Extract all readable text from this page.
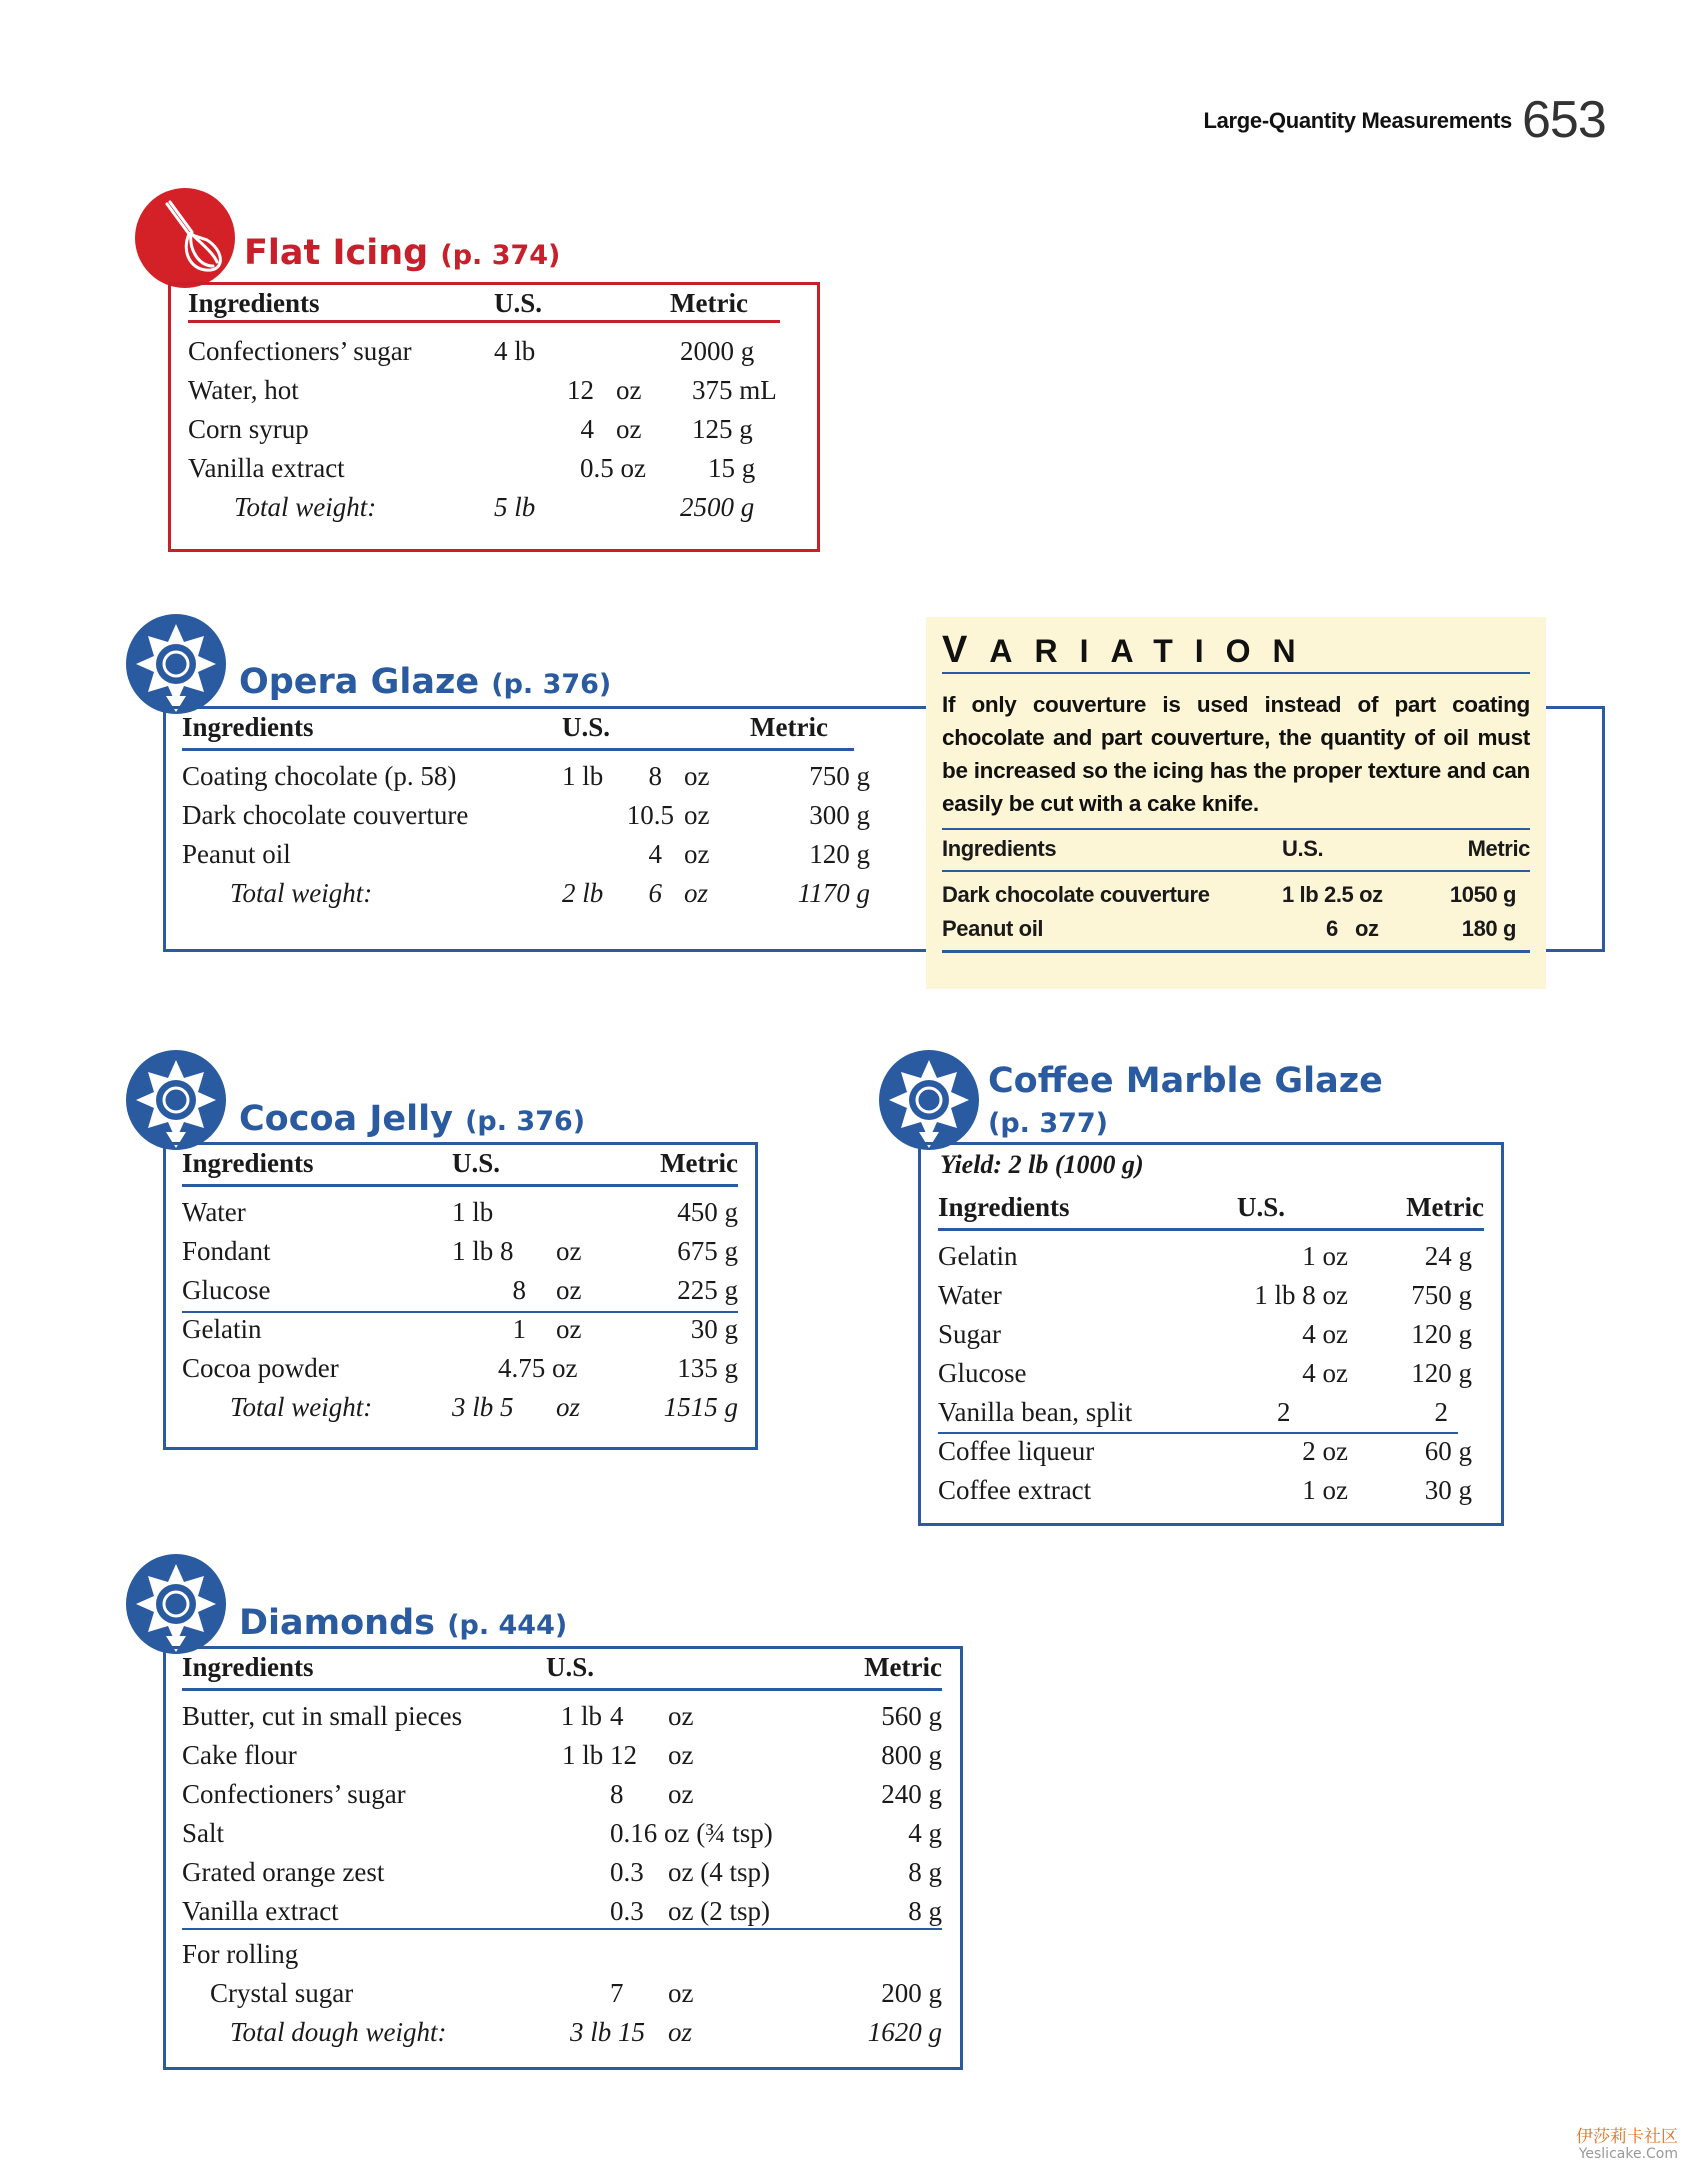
Large-Quantity Measurements 653
Flat Icing (p. 374)
Ingredients	U.S.			Metric
Confectioners’ sugar	4 lb			2000 g
Water, hot		12	oz	375 mL
Corn syrup		4	oz	125 g
Vanilla extract		0.5 oz		15 g
Total weight:	5 lb			2500 g
Opera Glaze (p. 376)
Ingredients	U.S.			Metric
Coating chocolate (p. 58)	1 lb	8	oz	750 g
Dark chocolate couverture		10.5	oz	300 g
Peanut oil		4	oz	120 g
Total weight:	2 lb	6	oz	1170 g
VARIATION
If only couverture is used instead of part coating chocolate and part couverture, the quantity of oil must be increased so the icing has the proper texture and can easily be cut with a cake knife.
Ingredients	U.S.	Metric
Dark chocolate couverture	1 lb 2.5 oz	1050 g
Peanut oil	6   oz	180 g
Cocoa Jelly (p. 376)
Ingredients	U.S.		Metric
Water	1 lb		450 g
Fondant	1 lb 8	oz	675 g
Glucose	8	oz	225 g
Gelatin	1	oz	30 g
Cocoa powder	4.75 oz		135 g
Total weight:	3 lb 5	oz	1515 g
Coffee Marble Glaze
(p. 377)
Yield: 2 lb (1000 g)
Ingredients	U.S.	Metric
Gelatin	1 oz	24 g
Water	1 lb 8 oz	750 g
Sugar	4 oz	120 g
Glucose	4 oz	120 g
Vanilla bean, split	2	2
Coffee liqueur	2 oz	60 g
Coffee extract	1 oz	30 g
Diamonds (p. 444)
Ingredients	U.S.			Metric
Butter, cut in small pieces	1 lb	4	oz	560 g
Cake flour	1 lb 12		oz	800 g
Confectioners’ sugar		8	oz	240 g
Salt		0.16 oz (¾ tsp)		4 g
Grated orange zest		0.3	oz (4 tsp)	8 g
Vanilla extract		0.3	oz (2 tsp)	8 g
For rolling				
Crystal sugar		7	oz	200 g
Total dough weight:	3 lb 15		oz	1620 g
伊莎莉卡社区
Yeslicake.Com
